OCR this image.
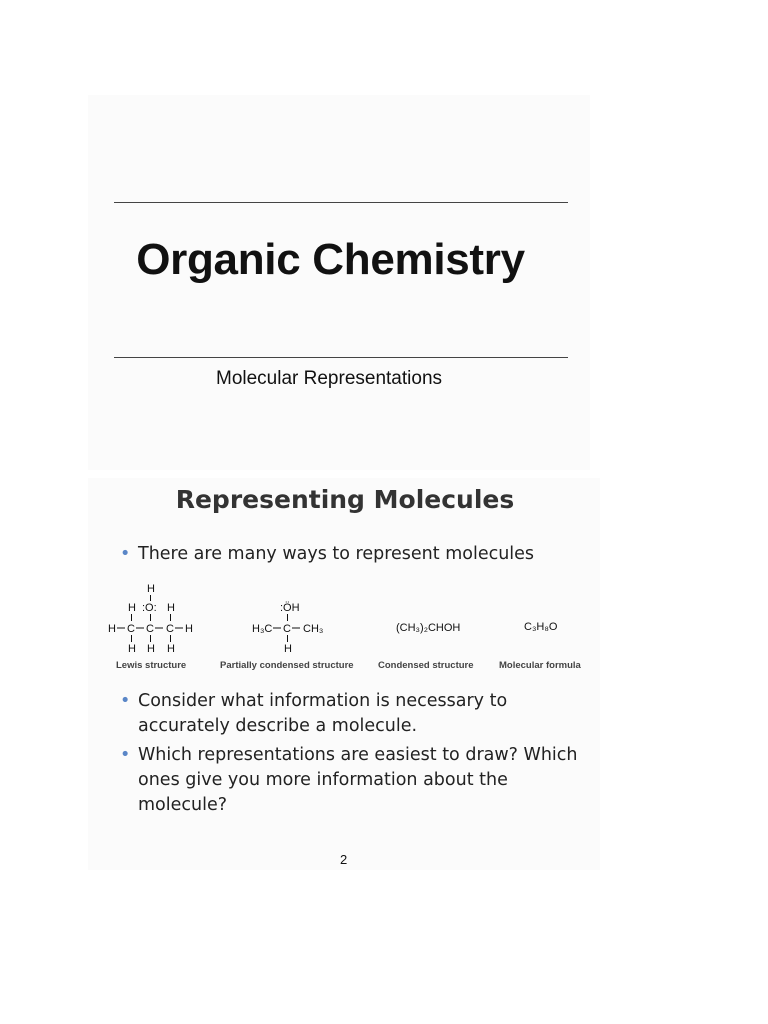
Organic Chemistry

Molecular Representations

Representing Molecules
• There are many ways to represent molecules
H
H :O: H
H C C C H
H H H
:ÖH
H₃C C CH₃
H
(CH₃)₂CHOH	C₃H₈O
Lewis structure	Partially condensed structure	Condensed structure	Molecular formula
• Consider what information is necessary to accurately describe a molecule.
• Which representations are easiest to draw? Which ones give you more information about the molecule?
2
